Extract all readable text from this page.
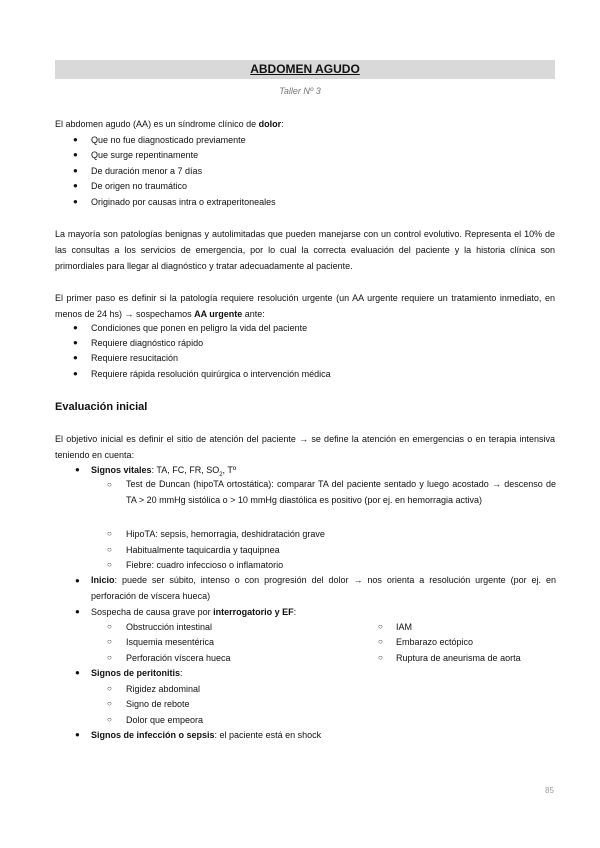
ABDOMEN AGUDO
Taller Nº 3
El abdomen agudo (AA) es un síndrome clínico de dolor:
● Que no fue diagnosticado previamente
● Que surge repentinamente
● De duración menor a 7 días
● De origen no traumático
● Originado por causas intra o extraperitoneales
La mayoría son patologías benignas y autolimitadas que pueden manejarse con un control evolutivo. Representa el 10% de las consultas a los servicios de emergencia, por lo cual la correcta evaluación del paciente y la historia clínica son primordiales para llegar al diagnóstico y tratar adecuadamente al paciente.
El primer paso es definir si la patología requiere resolución urgente (un AA urgente requiere un tratamiento inmediato, en menos de 24 hs) → sospechamos AA urgente ante:
● Condiciones que ponen en peligro la vida del paciente
● Requiere diagnóstico rápido
● Requiere resucitación
● Requiere rápida resolución quirúrgica o intervención médica
Evaluación inicial
El objetivo inicial es definir el sitio de atención del paciente → se define la atención en emergencias o en terapia intensiva teniendo en cuenta:
● Signos vitales: TA, FC, FR, $SO_2$, Tº
○ Test de Duncan (hipoTA ortostática): comparar TA del paciente sentado y luego acostado → descenso de TA > 20 mmHg sistólica o > 10 mmHg diastólica es positivo (por ej. en hemorragia activa)
○ HipoTA: sepsis, hemorragia, deshidratación grave
○ Habitualmente taquicardia y taquipnea
○ Fiebre: cuadro infeccioso o inflamatorio
● Inicio: puede ser súbito, intenso o con progresión del dolor → nos orienta a resolución urgente (por ej. en perforación de víscera hueca)
● Sospecha de causa grave por interrogatorio y EF:
○ Obstrucción intestinal
○ Isquemia mesentérica
○ Perforación víscera hueca
○ IAM
○ Embarazo ectópico
○ Ruptura de aneurisma de aorta
● Signos de peritonitis:
○ Rigidez abdominal
○ Signo de rebote
○ Dolor que empeora
● Signos de infección o sepsis: el paciente está en shock
85
